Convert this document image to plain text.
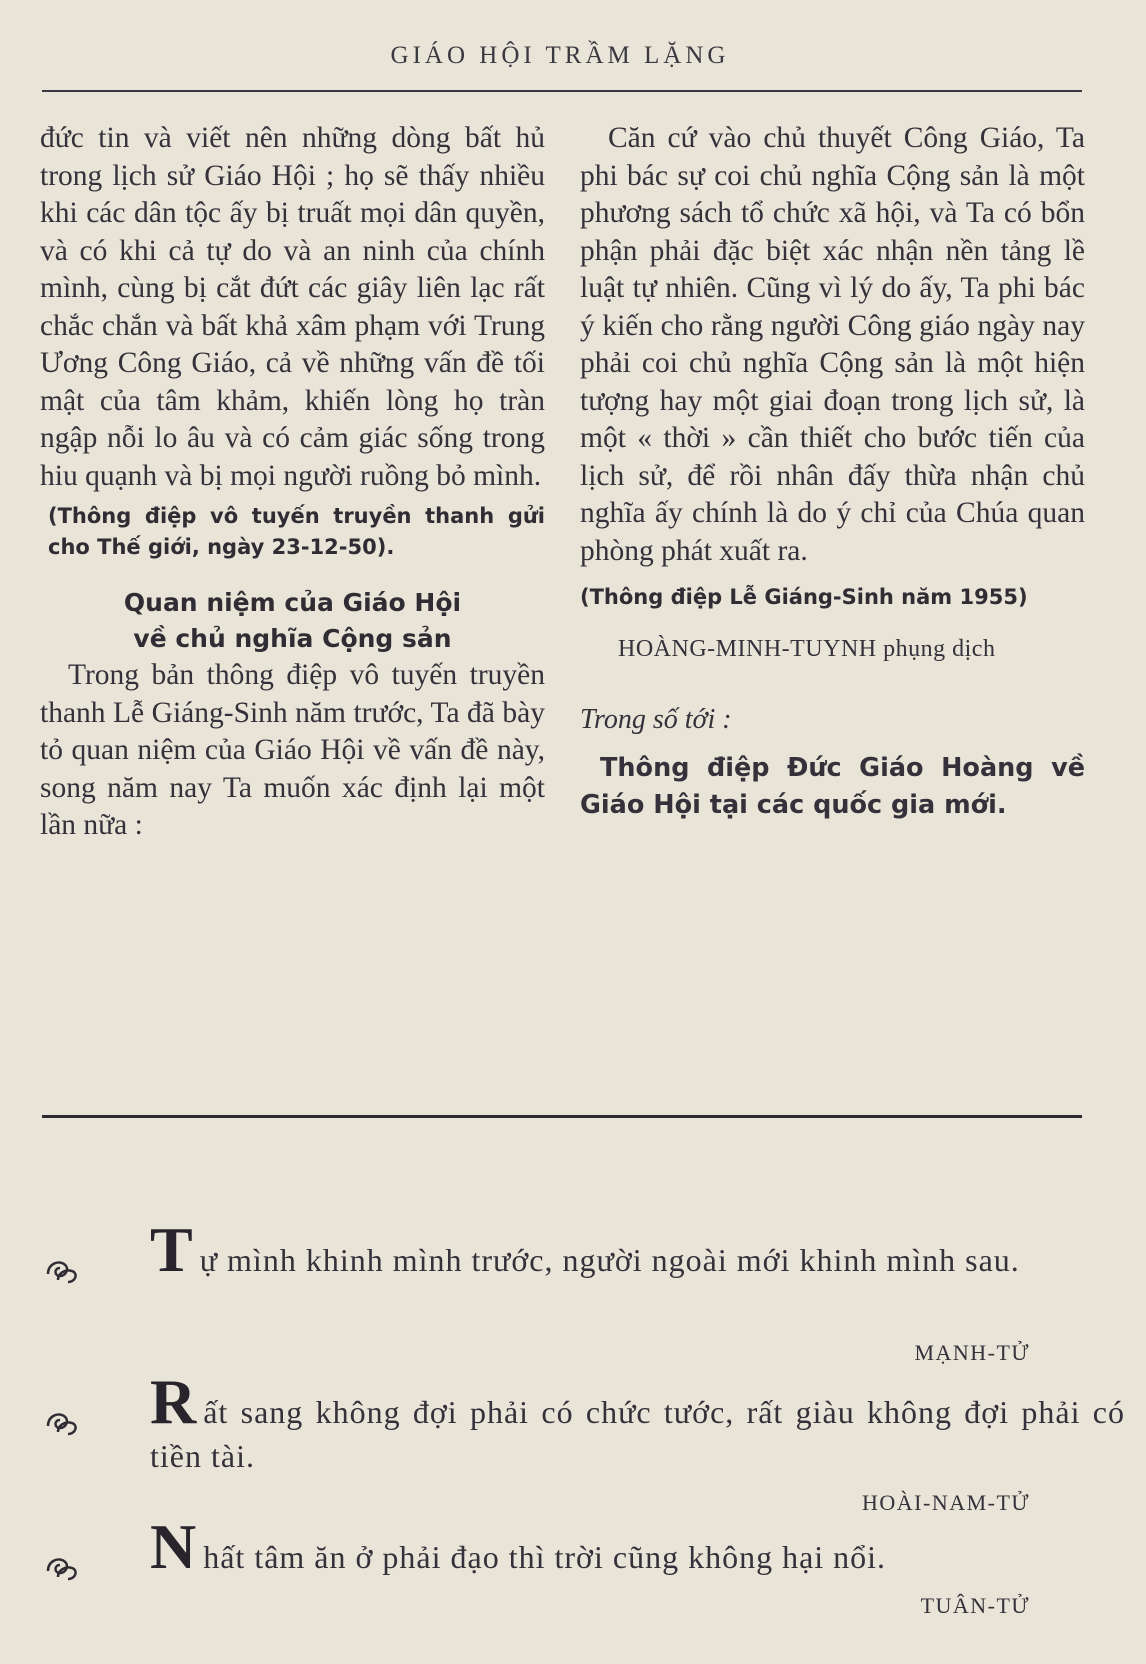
GIÁO HỘI TRẦM LẶNG

đức tin và viết nên những dòng bất hủ trong lịch sử Giáo Hội ; họ sẽ thấy nhiều khi các dân tộc ấy bị truất mọi dân quyền, và có khi cả tự do và an ninh của chính mình, cùng bị cắt đứt các giây liên lạc rất chắc chắn và bất khả xâm phạm với Trung Ương Công Giáo, cả về những vấn đề tối mật của tâm khảm, khiến lòng họ tràn ngập nỗi lo âu và có cảm giác sống trong hiu quạnh và bị mọi người ruồng bỏ mình.

(Thông điệp vô tuyến truyền thanh gửi cho Thế giới, ngày 23-12-50).

Quan niệm của Giáo Hội
về chủ nghĩa Cộng sản

Trong bản thông điệp vô tuyến truyền thanh Lễ Giáng-Sinh năm trước, Ta đã bày tỏ quan niệm của Giáo Hội về vấn đề này, song năm nay Ta muốn xác định lại một lần nữa :

Căn cứ vào chủ thuyết Công Giáo, Ta phi bác sự coi chủ nghĩa Cộng sản là một phương sách tổ chức xã hội, và Ta có bổn phận phải đặc biệt xác nhận nền tảng lề luật tự nhiên. Cũng vì lý do ấy, Ta phi bác ý kiến cho rằng người Công giáo ngày nay phải coi chủ nghĩa Cộng sản là một hiện tượng hay một giai đoạn trong lịch sử, là một « thời » cần thiết cho bước tiến của lịch sử, để rồi nhân đấy thừa nhận chủ nghĩa ấy chính là do ý chỉ của Chúa quan phòng phát xuất ra.

(Thông điệp Lễ Giáng-Sinh năm 1955)

HOÀNG-MINH-TUYNH phụng dịch

Trong số tới :

Thông điệp Đức Giáo Hoàng về Giáo Hội tại các quốc gia mới.

Tự mình khinh mình trước, người ngoài mới khinh mình sau.
MẠNH-TỬ
Rất sang không đợi phải có chức tước, rất giàu không đợi phải có tiền tài.
HOÀI-NAM-TỬ
Nhất tâm ăn ở phải đạo thì trời cũng không hại nổi.
TUÂN-TỬ
